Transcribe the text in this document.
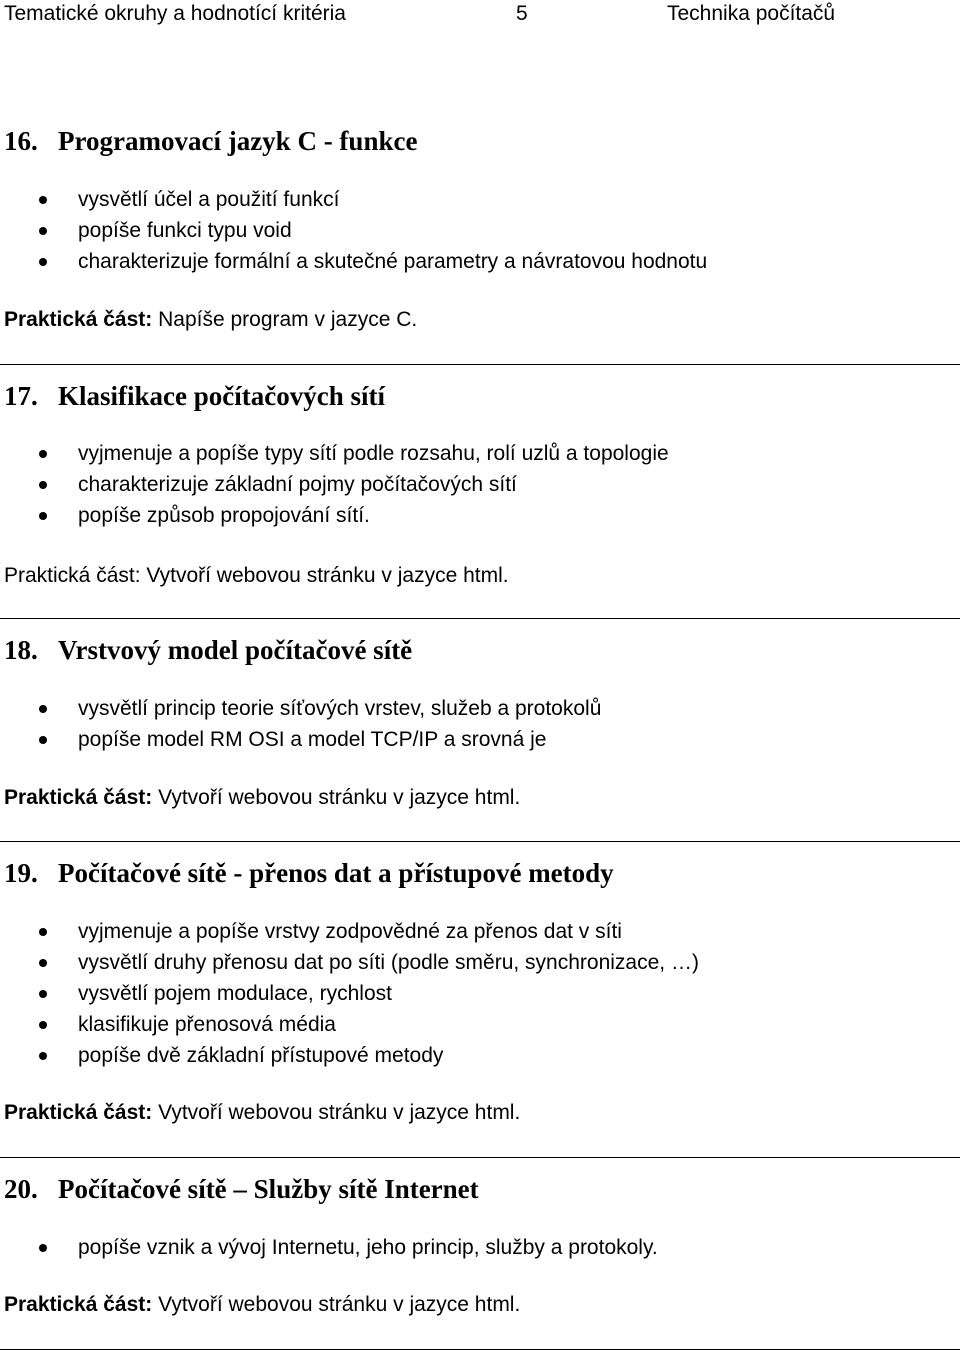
Tematické okruhy a hodnotící kritéria	5	Technika počítačů
16. Programovací jazyk C - funkce
vysvětlí účel a použití funkcí
popíše funkci typu void
charakterizuje formální a skutečné parametry a návratovou hodnotu
Praktická část: Napíše program v jazyce C.
17. Klasifikace počítačových sítí
vyjmenuje a popíše typy sítí podle rozsahu, rolí uzlů a topologie
charakterizuje základní pojmy počítačových sítí
popíše způsob propojování sítí.
Praktická část: Vytvoří webovou stránku v jazyce html.
18. Vrstvový model počítačové sítě
vysvětlí princip teorie síťových vrstev, služeb a protokolů
popíše model RM OSI a model TCP/IP a srovná je
Praktická část: Vytvoří webovou stránku v jazyce html.
19. Počítačové sítě - přenos dat a přístupové metody
vyjmenuje a popíše vrstvy zodpovědné za přenos dat v síti
vysvětlí druhy přenosu dat po síti (podle směru, synchronizace, …)
vysvětlí pojem modulace, rychlost
klasifikuje přenosová média
popíše dvě základní přístupové metody
Praktická část: Vytvoří webovou stránku v jazyce html.
20. Počítačové sítě – Služby sítě Internet
popíše vznik a vývoj Internetu, jeho princip, služby a protokoly.
Praktická část: Vytvoří webovou stránku v jazyce html.
